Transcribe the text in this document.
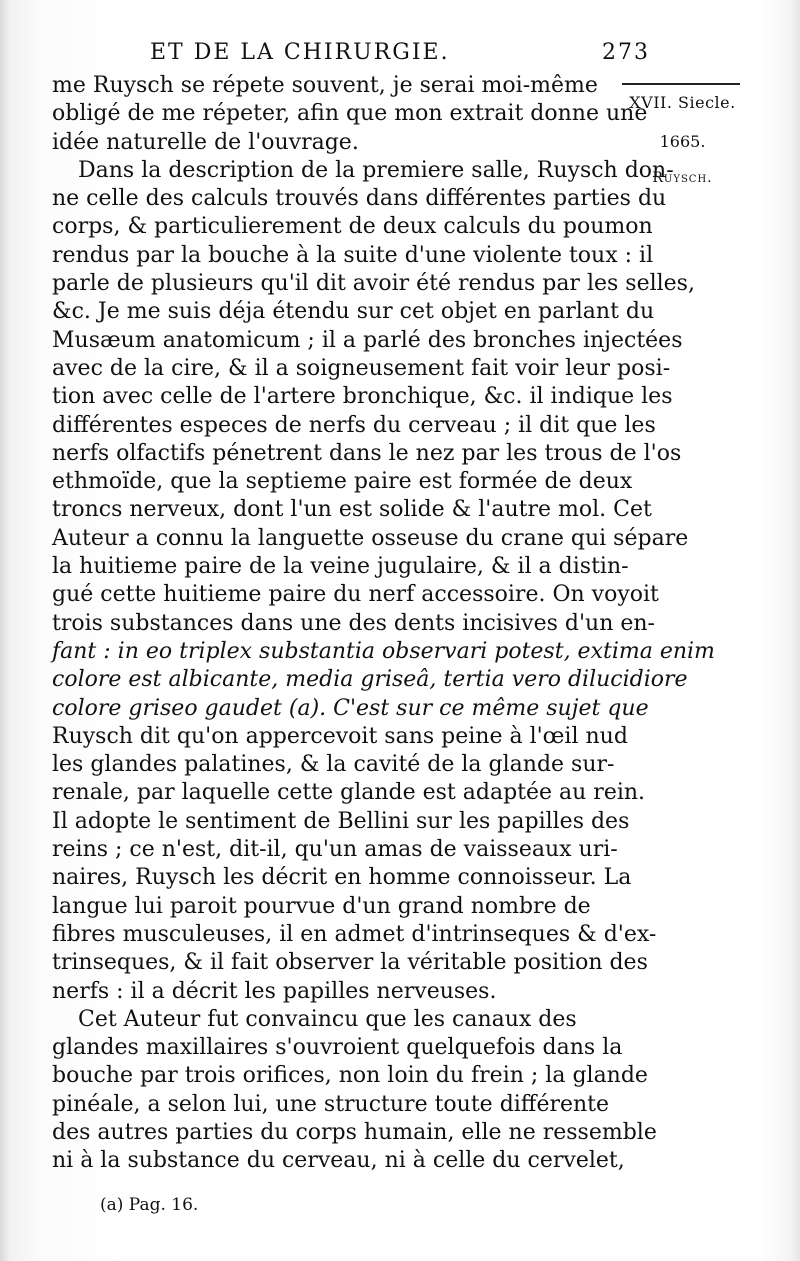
ET DE LA CHIRURGIE.	273
XVII. Siecle.
1665.
Ruysch.
me Ruysch se répete souvent, je serai moi-même
obligé de me répeter, afin que mon extrait donne une
idée naturelle de l'ouvrage.
Dans la description de la premiere salle, Ruysch don-
ne celle des calculs trouvés dans différentes parties du
corps, & particulierement de deux calculs du poumon
rendus par la bouche à la suite d'une violente toux : il
parle de plusieurs qu'il dit avoir été rendus par les selles,
&c. Je me suis déja étendu sur cet objet en parlant du
Musæum anatomicum ; il a parlé des bronches injectées
avec de la cire, & il a soigneusement fait voir leur posi-
tion avec celle de l'artere bronchique, &c. il indique les
différentes especes de nerfs du cerveau ; il dit que les
nerfs olfactifs pénetrent dans le nez par les trous de l'os
ethmoïde, que la septieme paire est formée de deux
troncs nerveux, dont l'un est solide & l'autre mol. Cet
Auteur a connu la languette osseuse du crane qui sépare
la huitieme paire de la veine jugulaire, & il a distin-
gué cette huitieme paire du nerf accessoire. On voyoit
trois substances dans une des dents incisives d'un en-
fant : in eo triplex substantia observari potest, extima enim
colore est albicante, media griseâ, tertia vero dilucidiore
colore griseo gaudet (a). C'est sur ce même sujet que
Ruysch dit qu'on appercevoit sans peine à l'œil nud
les glandes palatines, & la cavité de la glande sur-
renale, par laquelle cette glande est adaptée au rein.
Il adopte le sentiment de Bellini sur les papilles des
reins ; ce n'est, dit-il, qu'un amas de vaisseaux uri-
naires, Ruysch les décrit en homme connoisseur. La
langue lui paroit pourvue d'un grand nombre de
fibres musculeuses, il en admet d'intrinseques & d'ex-
trinseques, & il fait observer la véritable position des
nerfs : il a décrit les papilles nerveuses.
Cet Auteur fut convaincu que les canaux des
glandes maxillaires s'ouvroient quelquefois dans la
bouche par trois orifices, non loin du frein ; la glande
pinéale, a selon lui, une structure toute différente
des autres parties du corps humain, elle ne ressemble
ni à la substance du cerveau, ni à celle du cervelet,
(a) Pag. 16.
